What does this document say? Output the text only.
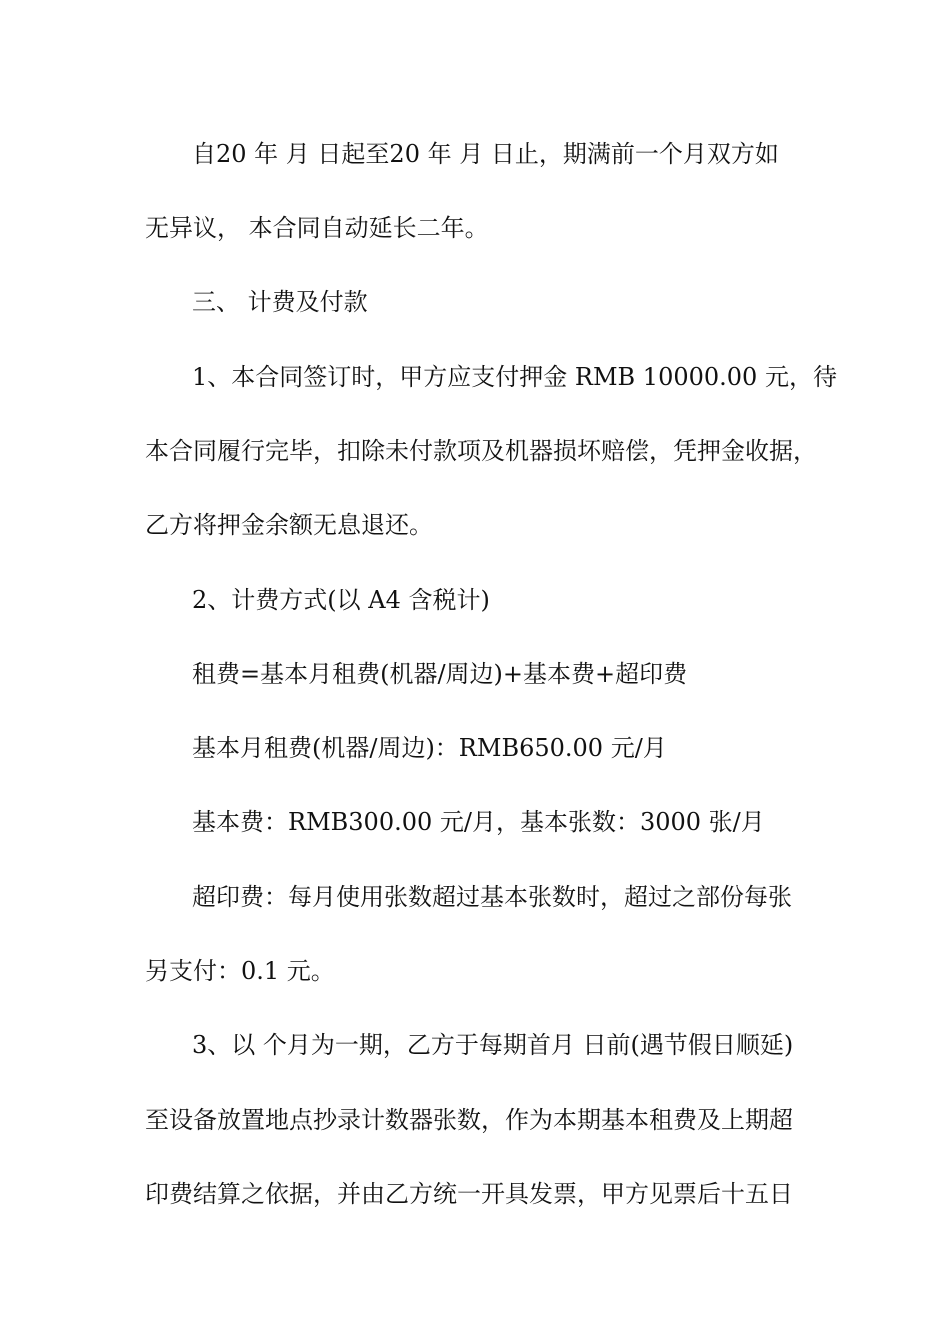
自20 年 月 日起至20 年 月 日止，期满前一个月双方如
无异议， 本合同自动延长二年。
三、 计费及付款
1、本合同签订时，甲方应支付押金 RMB 10000.00 元，待
本合同履行完毕，扣除未付款项及机器损坏赔偿，凭押金收据，
乙方将押金余额无息退还。
2、计费方式(以 A4 含税计)
租费=基本月租费(机器/周边)+基本费+超印费
基本月租费(机器/周边)：RMB650.00 元/月
基本费：RMB300.00 元/月，基本张数：3000 张/月
超印费：每月使用张数超过基本张数时，超过之部份每张
另支付：0.1 元。
3、以 个月为一期，乙方于每期首月 日前(遇节假日顺延)
至设备放置地点抄录计数器张数，作为本期基本租费及上期超
印费结算之依据，并由乙方统一开具发票，甲方见票后十五日
